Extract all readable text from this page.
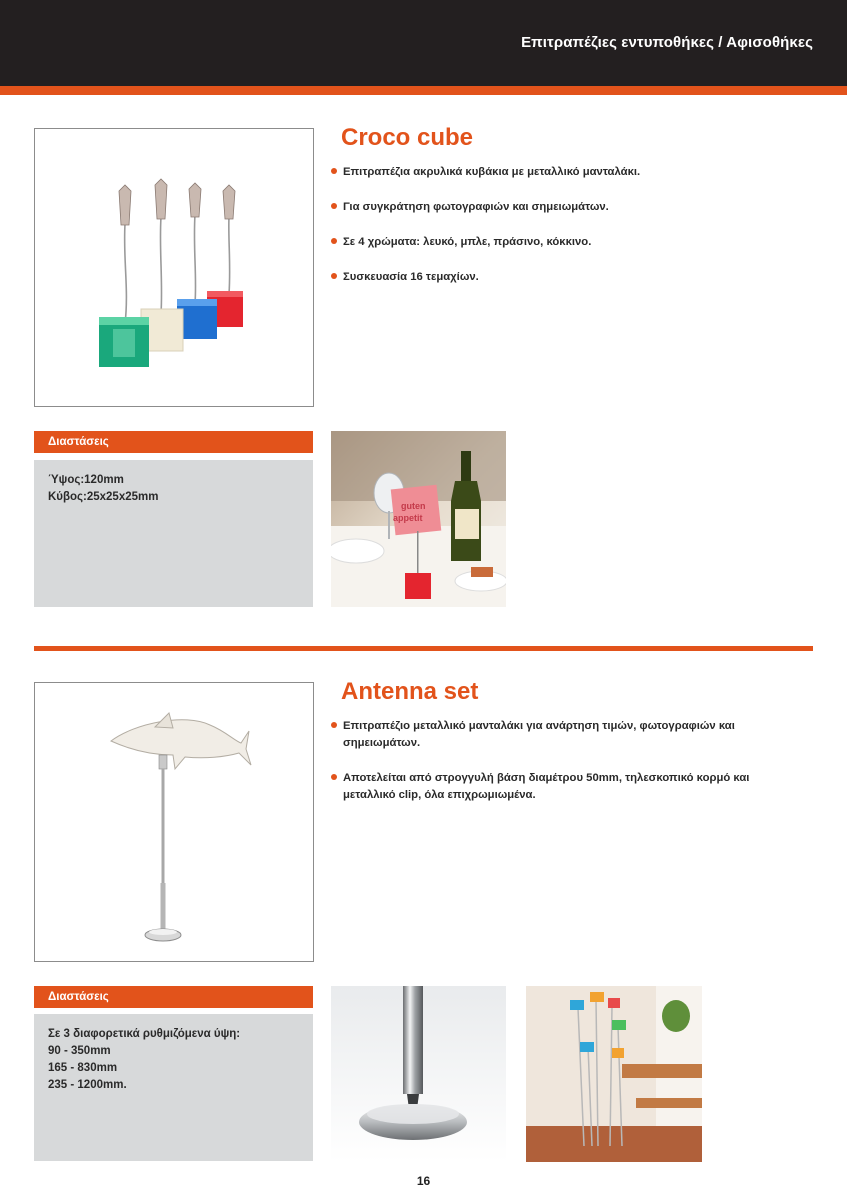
Επιτραπέζιες εντυποθήκες / Αφισοθήκες
Croco cube
Επιτραπέζια ακρυλικά κυβάκια με μεταλλικό μανταλάκι.
Για συγκράτηση φωτογραφιών και σημειωμάτων.
Σε 4 χρώματα: λευκό, μπλε, πράσινο, κόκκινο.
Συσκευασία 16 τεμαχίων.
Διαστάσεις
Ύψος:120mm
Κύβος:25x25x25mm
guten
appetit
Antenna set
Επιτραπέζιο μεταλλικό μανταλάκι για ανάρτηση τιμών, φωτογραφιών και σημειωμάτων.
Αποτελείται από στρογγυλή βάση διαμέτρου 50mm, τηλεσκοπικό κορμό και μεταλλικό clip, όλα επιχρωμιωμένα.
Διαστάσεις
Σε 3 διαφορετικά ρυθμιζόμενα ύψη:
90 - 350mm
165 - 830mm
235 - 1200mm.
16
